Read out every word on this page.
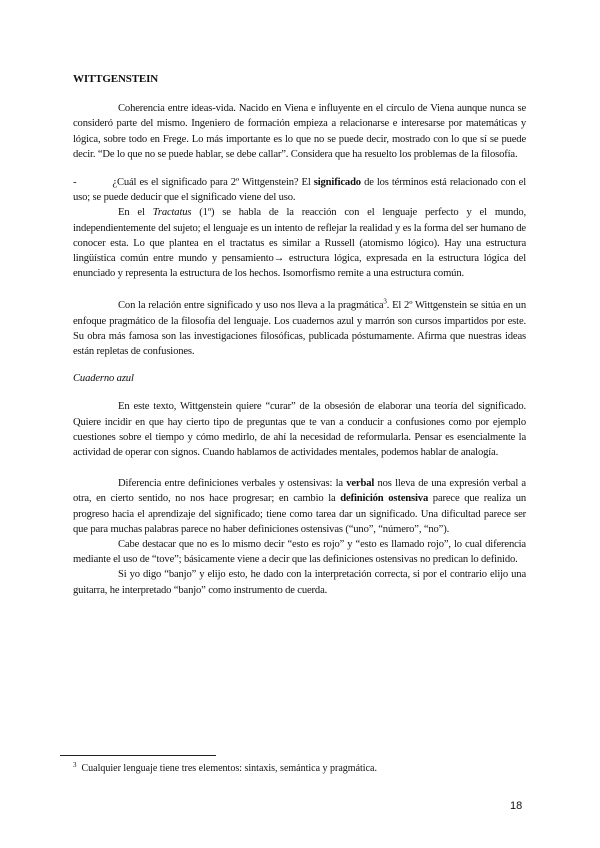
WITTGENSTEIN

Coherencia entre ideas-vida. Nacido en Viena e influyente en el círculo de Viena aunque nunca se consideró parte del mismo. Ingeniero de formación empieza a relacionarse e interesarse por matemáticas y lógica, sobre todo en Frege. Lo más importante es lo que no se puede decir, mostrado con lo que sí se puede decir. “De lo que no se puede hablar, se debe callar”. Considera que ha resuelto los problemas de la filosofía.

-	¿Cuál es el significado para 2º Wittgenstein? El significado de los términos está relacionado con el uso; se puede deducir que el significado viene del uso.

En el Tractatus (1º) se habla de la reacción con el lenguaje perfecto y el mundo, independientemente del sujeto; el lenguaje es un intento de reflejar la realidad y es la forma del ser humano de conocer esta. Lo que plantea en el tractatus es similar a Russell (atomismo lógico). Hay una estructura lingüística común entre mundo y pensamiento→ estructura lógica, expresada en la estructura lógica del enunciado y representa la estructura de los hechos. Isomorfismo remite a una estructura común.

Con la relación entre significado y uso nos lleva a la pragmática$^3$. El 2º Wittgenstein se sitúa en un enfoque pragmático de la filosofía del lenguaje. Los cuadernos azul y marrón son cursos impartidos por este. Su obra más famosa son las investigaciones filosóficas, publicada póstumamente. Afirma que nuestras ideas están repletas de confusiones.

Cuaderno azul

En este texto, Wittgenstein quiere “curar” de la obsesión de elaborar una teoría del significado. Quiere incidir en que hay cierto tipo de preguntas que te van a conducir a confusiones como por ejemplo cuestiones sobre el tiempo y cómo medirlo, de ahí la necesidad de reformularla. Pensar es esencialmente la actividad de operar con signos. Cuando hablamos de actividades mentales, podemos hablar de analogía.

Diferencia entre definiciones verbales y ostensivas: la verbal nos lleva de una expresión verbal a otra, en cierto sentido, no nos hace progresar; en cambio la definición ostensiva parece que realiza un progreso hacia el aprendizaje del significado; tiene como tarea dar un significado. Una dificultad parece ser que para muchas palabras parece no haber definiciones ostensivas (“uno”, “número”, “no”).

Cabe destacar que no es lo mismo decir “esto es rojo” y “esto es llamado rojo”, lo cual diferencia mediante el uso de “tove”; básicamente viene a decir que las definiciones ostensivas no predican lo definido.

Si yo digo “banjo” y elijo esto, he dado con la interpretación correcta, si por el contrario elijo una guitarra, he interpretado “banjo” como instrumento de cuerda.

$^3$ Cualquier lenguaje tiene tres elementos: sintaxis, semántica y pragmática.
18
